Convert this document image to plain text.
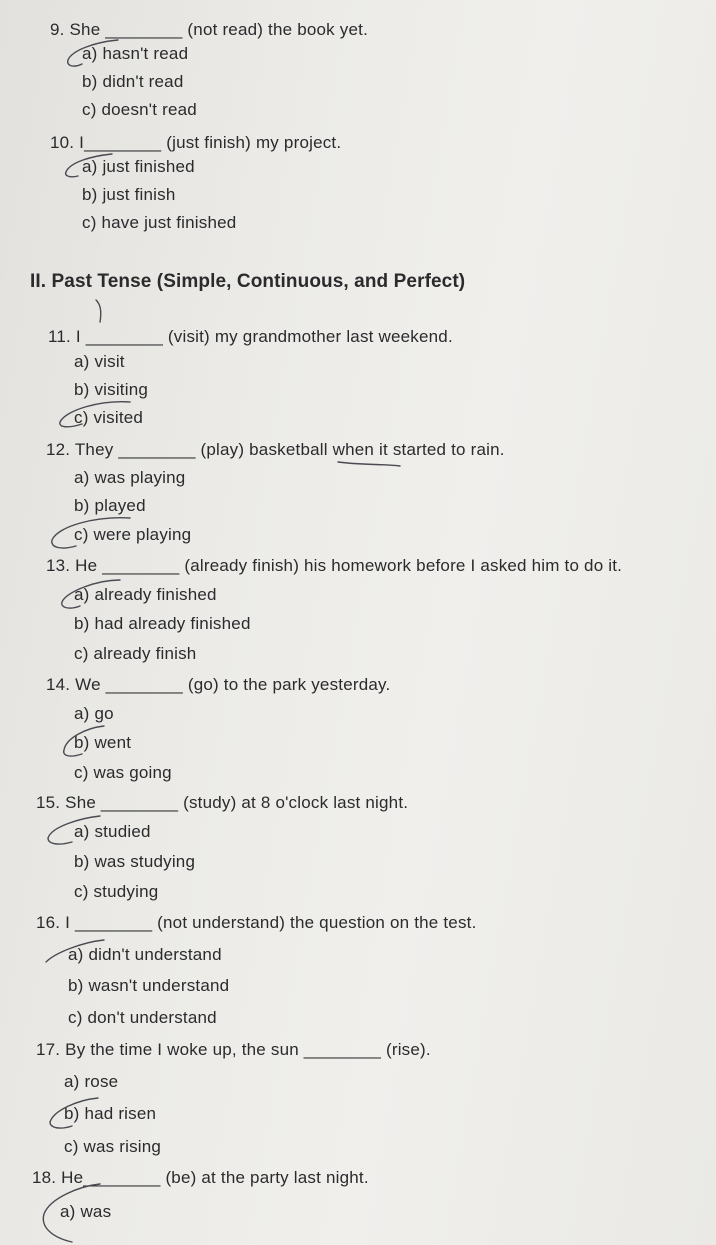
9. She ________ (not read) the book yet.
a) hasn't read
b) didn't read
c) doesn't read
10. I________ (just finish) my project.
a) just finished
b) just finish
c) have just finished
II. Past Tense (Simple, Continuous, and Perfect)
11. I ________ (visit) my grandmother last weekend.
a) visit
b) visiting
c) visited
12. They ________ (play) basketball when it started to rain.
a) was playing
b) played
c) were playing
13. He ________ (already finish) his homework before I asked him to do it.
a) already finished
b) had already finished
c) already finish
14. We ________ (go) to the park yesterday.
a) go
b) went
c) was going
15. She ________ (study) at 8 o'clock last night.
a) studied
b) was studying
c) studying
16. I ________ (not understand) the question on the test.
a) didn't understand
b) wasn't understand
c) don't understand
17. By the time I woke up, the sun ________ (rise).
a) rose
b) had risen
c) was rising
18. He________ (be) at the party last night.
a) was
